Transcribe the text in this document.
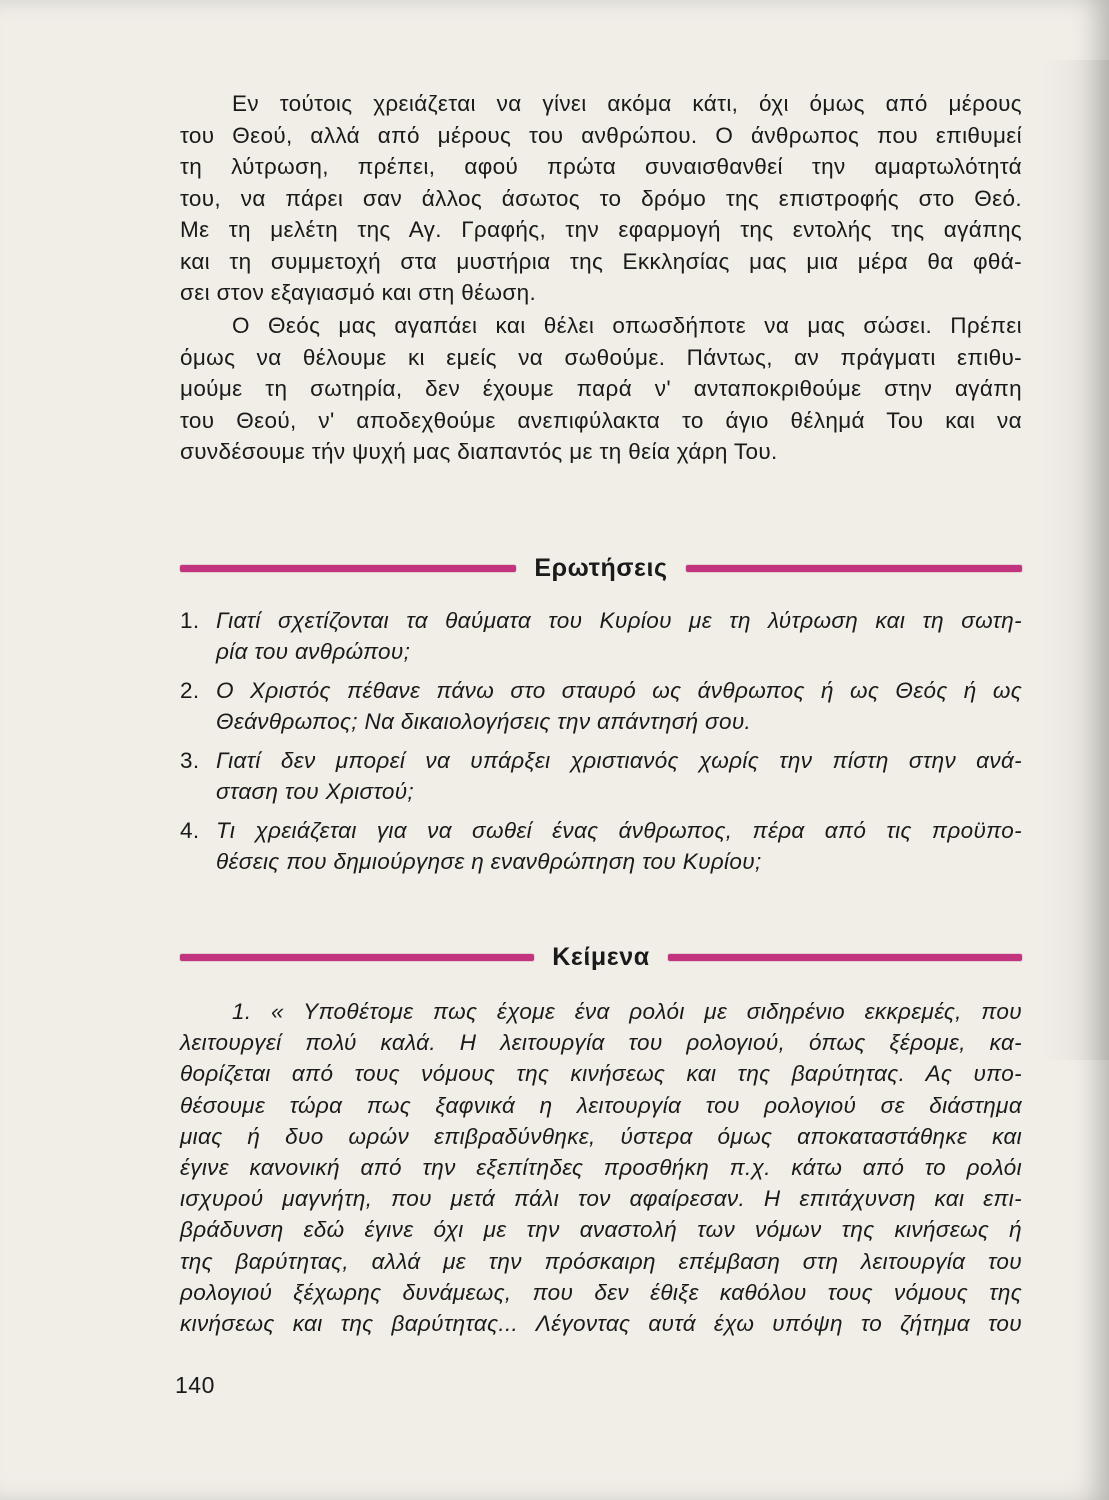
Εν τούτοις χρειάζεται να γίνει ακόμα κάτι, όχι όμως από μέρους
του Θεού, αλλά από μέρους του ανθρώπου. Ο άνθρωπος που επιθυμεί
τη λύτρωση, πρέπει, αφού πρώτα συναισθανθεί την αμαρτωλότητά
του, να πάρει σαν άλλος άσωτος το δρόμο της επιστροφής στο Θεό.
Με τη μελέτη της Αγ. Γραφής, την εφαρμογή της εντολής της αγάπης
και τη συμμετοχή στα μυστήρια της Εκκλησίας μας μια μέρα θα φθά-
σει στον εξαγιασμό και στη θέωση.
Ο Θεός μας αγαπάει και θέλει οπωσδήποτε να μας σώσει. Πρέπει
όμως να θέλουμε κι εμείς να σωθούμε. Πάντως, αν πράγματι επιθυ-
μούμε τη σωτηρία, δεν έχουμε παρά ν' ανταποκριθούμε στην αγάπη
του Θεού, ν' αποδεχθούμε ανεπιφύλακτα το άγιο θέλημά Του και να
συνδέσουμε τήν ψυχή μας διαπαντός με τη θεία χάρη Του.
Ερωτήσεις
1. Γιατί σχετίζονται τα θαύματα του Κυρίου με τη λύτρωση και τη σωτη-
ρία του ανθρώπου;
2. Ο Χριστός πέθανε πάνω στο σταυρό ως άνθρωπος ή ως Θεός ή ως
Θεάνθρωπος; Να δικαιολογήσεις την απάντησή σου.
3. Γιατί δεν μπορεί να υπάρξει χριστιανός χωρίς την πίστη στην ανά-
σταση του Χριστού;
4. Τι χρειάζεται για να σωθεί ένας άνθρωπος, πέρα από τις προϋπο-
θέσεις που δημιούργησε η ενανθρώπηση του Κυρίου;
Κείμενα
1. « Υποθέτομε πως έχομε ένα ρολόι με σιδηρένιο εκκρεμές, που
λειτουργεί πολύ καλά. Η λειτουργία του ρολογιού, όπως ξέρομε, κα-
θορίζεται από τους νόμους της κινήσεως και της βαρύτητας. Ας υπο-
θέσουμε τώρα πως ξαφνικά η λειτουργία του ρολογιού σε διάστημα
μιας ή δυο ωρών επιβραδύνθηκε, ύστερα όμως αποκαταστάθηκε και
έγινε κανονική από την εξεπίτηδες προσθήκη π.χ. κάτω από το ρολόι
ισχυρού μαγνήτη, που μετά πάλι τον αφαίρεσαν. Η επιτάχυνση και επι-
βράδυνση εδώ έγινε όχι με την αναστολή των νόμων της κινήσεως ή
της βαρύτητας, αλλά με την πρόσκαιρη επέμβαση στη λειτουργία του
ρολογιού ξέχωρης δυνάμεως, που δεν έθιξε καθόλου τους νόμους της
κινήσεως και της βαρύτητας... Λέγοντας αυτά έχω υπόψη το ζήτημα του
140
